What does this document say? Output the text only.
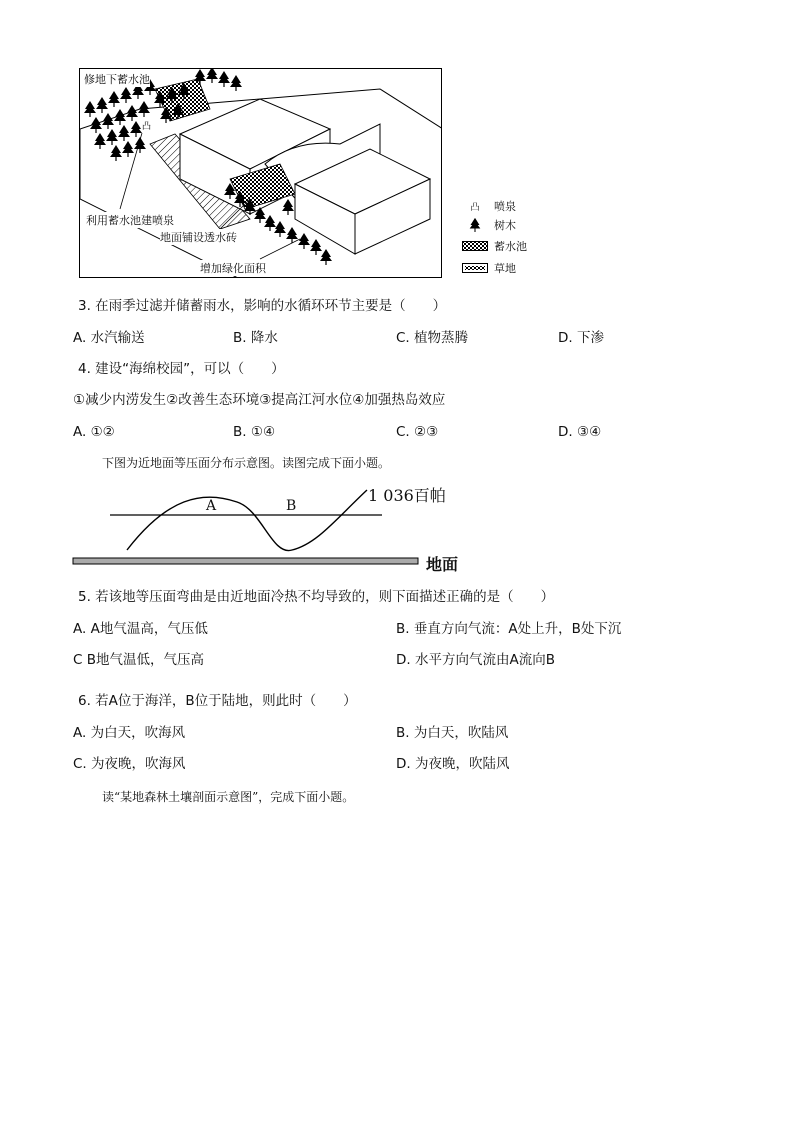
凸
修地下蓄水池
利用蓄水池建喷泉
地面铺设透水砖
增加绿化面积
凸	喷泉
树木
蓄水池
草地
3. 在雨季过滤并储蓄雨水，影响的水循环环节主要是（　　）
A. 水汽输送	B. 降水	C. 植物蒸腾	D. 下渗
4. 建设“海绵校园”，可以（　　）
①减少内涝发生②改善生态环境③提高江河水位④加强热岛效应
A. ①②	B. ①④	C. ②③	D. ③④
下图为近地面等压面分布示意图。读图完成下面小题。
A	B
1 036百帕
地面
5. 若该地等压面弯曲是由近地面冷热不均导致的，则下面描述正确的是（　　）
A. A地气温高，气压低	B. 垂直方向气流：A处上升，B处下沉
C B地气温低，气压高	D. 水平方向气流由A流向B
6. 若A位于海洋，B位于陆地，则此时（　　）
A. 为白天，吹海风	B. 为白天，吹陆风
C. 为夜晚，吹海风	D. 为夜晚，吹陆风
读“某地森林土壤剖面示意图”，完成下面小题。
